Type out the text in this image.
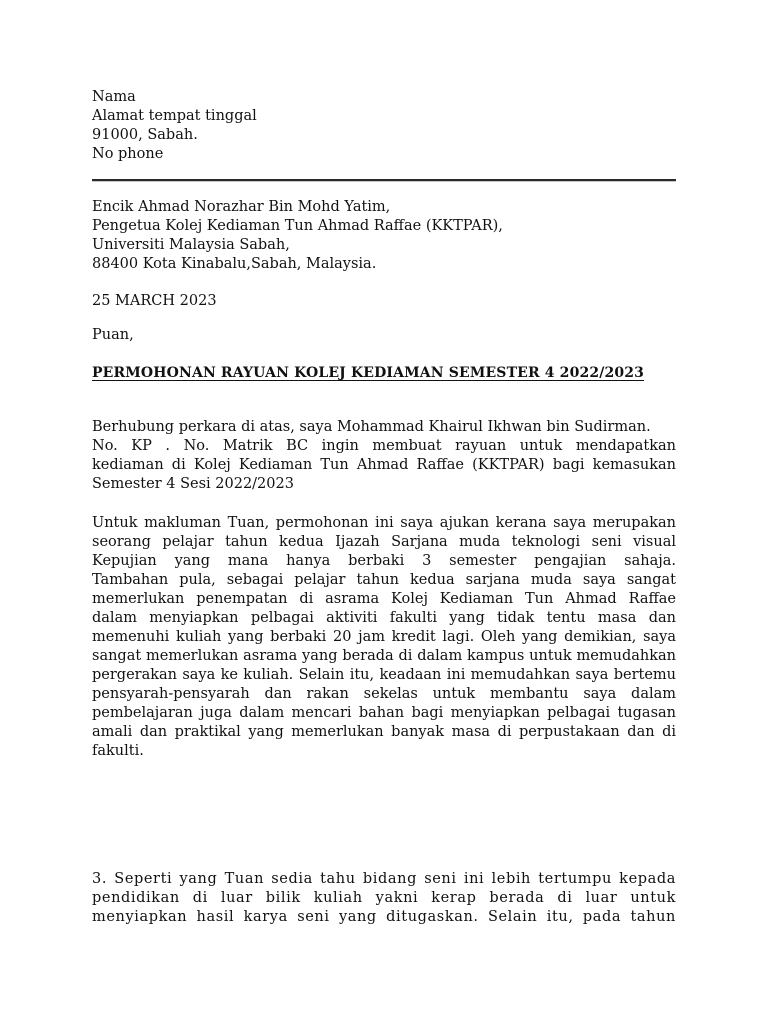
Nama
Alamat tempat tinggal
91000, Sabah.
No phone
Encik Ahmad Norazhar Bin Mohd Yatim,
Pengetua Kolej Kediaman Tun Ahmad Raffae (KKTPAR),
Universiti Malaysia Sabah,
88400 Kota Kinabalu,Sabah, Malaysia.
25 MARCH 2023
Puan,
PERMOHONAN RAYUAN KOLEJ KEDIAMAN SEMESTER 4 2022/2023
Berhubung perkara di atas, saya Mohammad Khairul Ikhwan bin Sudirman.
No. KP . No. Matrik BC ingin membuat rayuan untuk mendapatkan
kediaman di Kolej Kediaman Tun Ahmad Raffae (KKTPAR) bagi kemasukan
Semester 4 Sesi 2022/2023
Untuk makluman Tuan, permohonan ini saya ajukan kerana saya merupakan
seorang pelajar tahun kedua Ijazah Sarjana muda teknologi seni visual
Kepujian yang mana hanya berbaki 3 semester pengajian sahaja.
Tambahan pula, sebagai pelajar tahun kedua sarjana muda saya sangat
memerlukan penempatan di asrama Kolej Kediaman Tun Ahmad Raffae
dalam menyiapkan pelbagai aktiviti fakulti yang tidak tentu masa dan
memenuhi kuliah yang berbaki 20 jam kredit lagi. Oleh yang demikian, saya
sangat memerlukan asrama yang berada di dalam kampus untuk memudahkan
pergerakan saya ke kuliah. Selain itu, keadaan ini memudahkan saya bertemu
pensyarah-pensyarah dan rakan sekelas untuk membantu saya dalam
pembelajaran juga dalam mencari bahan bagi menyiapkan pelbagai tugasan
amali dan praktikal yang memerlukan banyak masa di perpustakaan dan di
fakulti.
3. Seperti yang Tuan sedia tahu bidang seni ini lebih tertumpu kepada
pendidikan di luar bilik kuliah yakni kerap berada di luar untuk
menyiapkan hasil karya seni yang ditugaskan. Selain itu, pada tahun
